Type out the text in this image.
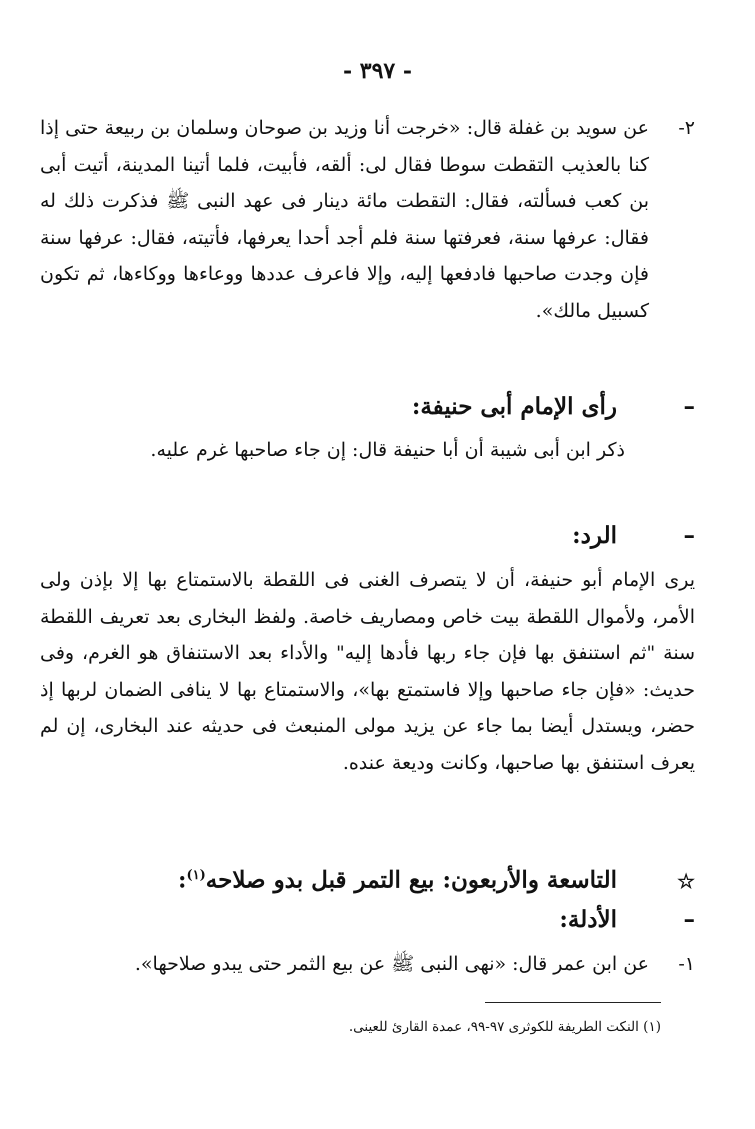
- ٣٩٧ -
٢-
عن سويد بن غفلة قال: «خرجت أنا وزيد بن صوحان وسلمان بن ربيعة حتى إذا كنا بالعذيب التقطت سوطا فقال لى: ألقه، فأبيت، فلما أتينا المدينة، أتيت أبى بن كعب فسألته، فقال: التقطت مائة دينار فى عهد النبى ﷺ فذكرت ذلك له فقال: عرفها سنة، فعرفتها سنة فلم أجد أحدا يعرفها، فأتيته، فقال: عرفها سنة فإن وجدت صاحبها فادفعها إليه، وإلا فاعرف عددها ووعاءها ووكاءها، ثم تكون كسبيل مالك».
– رأى الإمام أبى حنيفة:
ذكر ابن أبى شيبة أن أبا حنيفة قال: إن جاء صاحبها غرم عليه.
– الرد:
يرى الإمام أبو حنيفة، أن لا يتصرف الغنى فى اللقطة بالاستمتاع بها إلا بإذن ولى الأمر، ولأموال اللقطة بيت خاص ومصاريف خاصة. ولفظ البخارى بعد تعريف اللقطة سنة "ثم استنفق بها فإن جاء ربها فأدها إليه" والأداء بعد الاستنفاق هو الغرم، وفى حديث: «فإن جاء صاحبها وإلا فاستمتع بها»، والاستمتاع بها لا ينافى الضمان لربها إذ حضر، ويستدل أيضا بما جاء عن يزيد مولى المنبعث فى حديثه عند البخارى، إن لم يعرف استنفق بها صاحبها، وكانت وديعة عنده.
☆ التاسعة والأربعون: بيع التمر قبل بدو صلاحه$^{(١)}$:
– الأدلة:
١-
عن ابن عمر قال: «نهى النبى ﷺ عن بيع الثمر حتى يبدو صلاحها».
(١) النكت الطريفة للكوثرى ٩٧-٩٩، عمدة القارئ للعينى.
